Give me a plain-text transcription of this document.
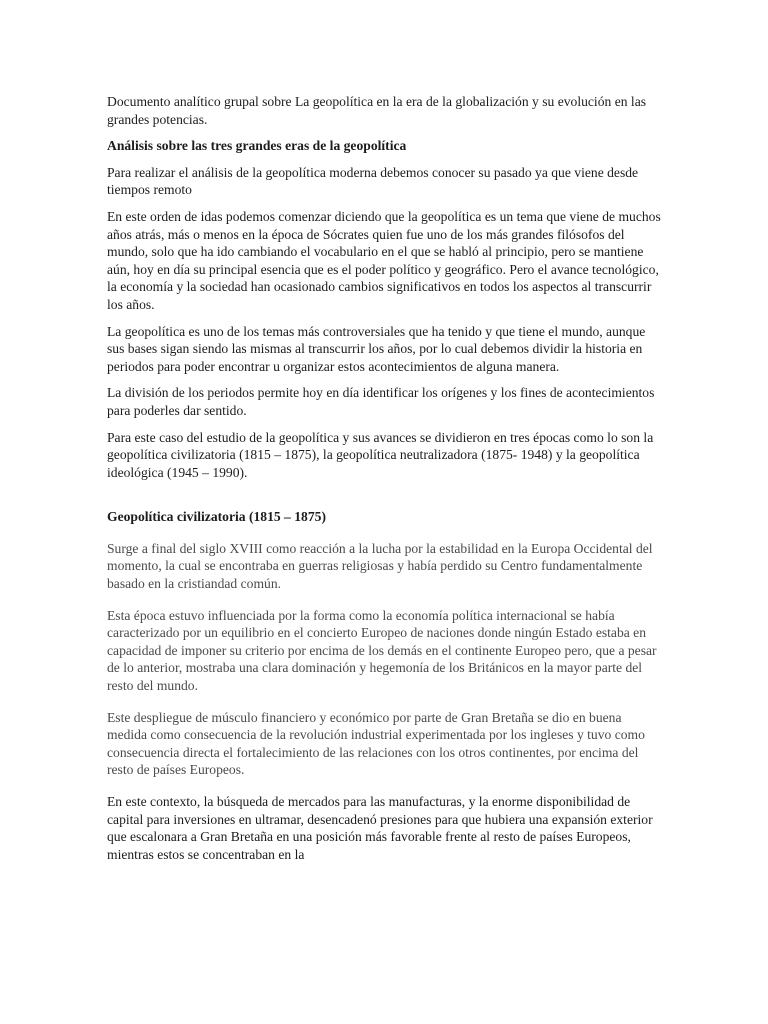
Documento analítico grupal sobre La geopolítica en la era de la globalización y su evolución en las grandes potencias.

Análisis sobre las tres grandes eras de la geopolítica

Para realizar el análisis de la geopolítica moderna debemos conocer su pasado ya que viene desde tiempos remoto

En este orden de idas podemos comenzar diciendo que la geopolítica es un tema que viene de muchos años atrás, más o menos en la época de Sócrates quien fue uno de los más grandes filósofos del mundo, solo que ha ido cambiando el vocabulario en el que se habló al principio, pero se mantiene aún, hoy en día su principal esencia que es el poder político y geográfico. Pero el avance tecnológico, la economía y la sociedad han ocasionado cambios significativos en todos los aspectos al transcurrir los años.

La geopolítica es uno de los temas más controversiales que ha tenido y que tiene el mundo, aunque sus bases sigan siendo las mismas al transcurrir los años, por lo cual debemos dividir la historia en periodos para poder encontrar u organizar estos acontecimientos de alguna manera.

La división de los periodos permite hoy en día identificar los orígenes y los fines de acontecimientos para poderles dar sentido.

Para este caso del estudio de la geopolítica y sus avances se dividieron en tres épocas como lo son la geopolítica civilizatoria (1815 – 1875), la geopolítica neutralizadora (1875- 1948) y la geopolítica ideológica (1945 – 1990).

Geopolítica civilizatoria (1815 – 1875)

Surge a final del siglo XVIII como reacción a la lucha por la estabilidad en la Europa Occidental del momento, la cual se encontraba en guerras religiosas y había perdido su Centro fundamentalmente basado en la cristiandad común.

Esta época estuvo influenciada por la forma como la economía política internacional se había caracterizado por un equilibrio en el concierto Europeo de naciones donde ningún Estado estaba en capacidad de imponer su criterio por encima de los demás en el continente Europeo pero, que a pesar de lo anterior, mostraba una clara dominación y hegemonía de los Británicos en la mayor parte del resto del mundo.

Este despliegue de músculo financiero y económico por parte de Gran Bretaña se dio en buena medida como consecuencia de la revolución industrial experimentada por los ingleses y tuvo como consecuencia directa el fortalecimiento de las relaciones con los otros continentes, por encima del resto de países Europeos.

En este contexto, la búsqueda de mercados para las manufacturas, y la enorme disponibilidad de capital para inversiones en ultramar, desencadenó presiones para que hubiera una expansión exterior que escalonara a Gran Bretaña en una posición más favorable frente al resto de países Europeos, mientras estos se concentraban en la
